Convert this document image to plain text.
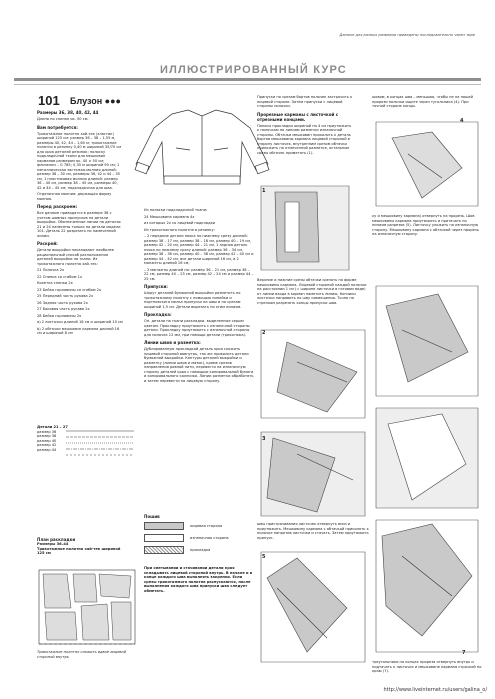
Данные для разных размеров приведены последовательно через тире
ИЛЛЮСТРИРОВАННЫЙ КУРС
101 Блузон ●●●

Размеры 36, 38, 40, 42, 44

Длина по спинке ок. 50 см.

Вам потребуется:

Трикотажное полотно хай-тек (эластик) шириной 125 см: размер 36 – 38 – 1,55 м, размеры 40, 42, 44 – 1,60 м; трикотажное полотно в резинку 0,40 м шириной 35/70 см для кроя деталей резинок; полоску подкладочной ткани для мешковин карманов размером ок. 40 × 50 см; флизелин – G 785; 0,35 м шириной 90 см; 1 металлическая застежка-молния длиной: размер 38 – 30 см, размеры 36, 42 и 44 – 35 см, 1 пластиковая молния длиной: размер 36 – 40 см, размер 38 – 45 см, размеры 40, 42 и 44 – 45 см; подкладочная для шва.

Отделочная молния: держащая форму молния.

Перед раскроем:

Все данные приводятся в размере 36 с учетом шовных припусков на детали выкройки. Обозначенные линии на деталях 21 и 24 нанесены только на детали модели 101. Деталь 22 разрезать по намеченной линии.

Раскрой:

Детали выкройки показывают наиболее рациональный способ расположения деталей выкройки на ткани. Из трикотажного полотна хай-тек:

21 Полочка 2x

22 Спинка со сгибом 1x

Кокетка спинки 2x

23 Бейка горловины со сгибом 2x

25 Передний часть рукава 2x

26 Задняя часть рукава 2x

27 Боковая часть рукава 2x

28 Бейка горловины 2x

a) 2 листочки длиной 16 см и шириной 10 см

b) 2 обтачки мешковин кармана длиной 16 см и шириной 8 см

Детали 21 – 27

размер 36

размер 38

размер 40

размер 42

размер 44

План раскладки

Размеры 36–44

Трикотажное полотно хай-тек шириной 125 см

Трикотажное полотно сложить вдвое лицевой стороной внутрь

Из полоски подкладочной ткани:

24 Мешковина кармана 4x

из которых 2х со лицевой подкладки

Из трикотажного полотна в резинку:

– 2 передние детали пояса по нижнему срезу длиной: размер 38 – 17 см, размер 38 – 18 см, размер 40 – 19 см, размер 42 – 20 см, размер 44 – 21 см, 1 задняя деталь пояса по нижнему срезу длиной: размер 36 – 34 см, размер 38 – 36 см, размер 40 – 38 см, размер 42 – 40 см и размер 44 – 42 см, все детали шириной 16 см, в 2 манжеты длиной 16 см;

– 2 манжеты длиной по: размер 36 – 21 см, размер 38 – 22 см, размер 40 – 23 см, размер 42 – 24 см и размер 44 – 25 см.

Припуски:

Шкрут деталей бумажной выкройки разметить по трикотажному полотну с помощью линейки и портновского мелка припуски на швы и по срезам шириной 1,5 см. Детали вырезать по этим линиям.

Прокладка:

Оп. детали на ткани раскладки, выделенные серым цветом. Прокладку приутюжить с изнаночной стороны детали. Прокладку приутюжить с изнаночной стороны для полочек 12 мм, при помощи детали (трикотажа).

Линии швов и разметка:

Дублированную прокладкой деталь кроя сложить лицевой стороной вовнутрь, так же приколоть детали бумажной выкройки. Контуры деталей выкройки и разметку (линии швов и мазок), кроме срезов направления ровной нити, перевести на изнаночную сторону деталей кроя с помощью копировальной бумаги и копировального колесика. Линии разметки обработать и затем перевести на лицевую сторону.

Пошив
лицевая сторона
изнаночная сторона
прокладка
При сметывании и стачивании детали кроя складывать лицевой стороной внутрь. В начале и в конце каждого шва выполнять закрепки. Если срезы трикотажного полотна распускаются, после выполнения каждого шва припуски шва следует обметать.

Припуски по срезам бортов полочек застрочить к лицевой стороне. Затем припуски с лицевой стороны полочки.

Прорезные карманы с листочкой с отрезными концами.

Полосы прокладки шириной по 4 см приутюжить к полочкам по линиям разметки изнаночной стороны. Обтачки мешковин приколоть к деталь бортов мешковины кармана лицевой стороной в сторону листочек, внутренним срезом обтачки приложить по отмеченной разметке, остальные срезы обтачек приметать (1).

1
Верхние и нижние срезы обтачки срезать по форме мешковины кармана. Лицевой стороной каждой полочки на расстоянии 1 см (= ширине листочки в готовом виде) от линии входа в карман наметить линию. Кончики листочки направить по шву совмещения. Точно по стрелкам разрезать концы припуски шва.
2
3
швы пристрачивания листочек отвернуть вниз и приутюжить. Мешковину кармана с обтачкой приколоть к полочке напротив листочки и стачать. Затем приутюжить припуск.
5
шовом, в концах шва – меньшою, чтобы не на нашей прорези полочки ищите через тугольника (4). При точной стороне концы.
4
ку и мешковину кармана) отвернуть на прорезь. Шов мешковины кармана приутюжить и притачать по линиям разрезов (5). Листочку уложить на изнаночную сторону. Мешковину кармана с обтачкой через прорезь на изнаночную сторону.
7
треугольники на концах прореза отвернуть внутрь и подтачать к листочке и мешковине кармана строчкой по краю (7).
http://www.liveinternet.ru/users/galina_o/
